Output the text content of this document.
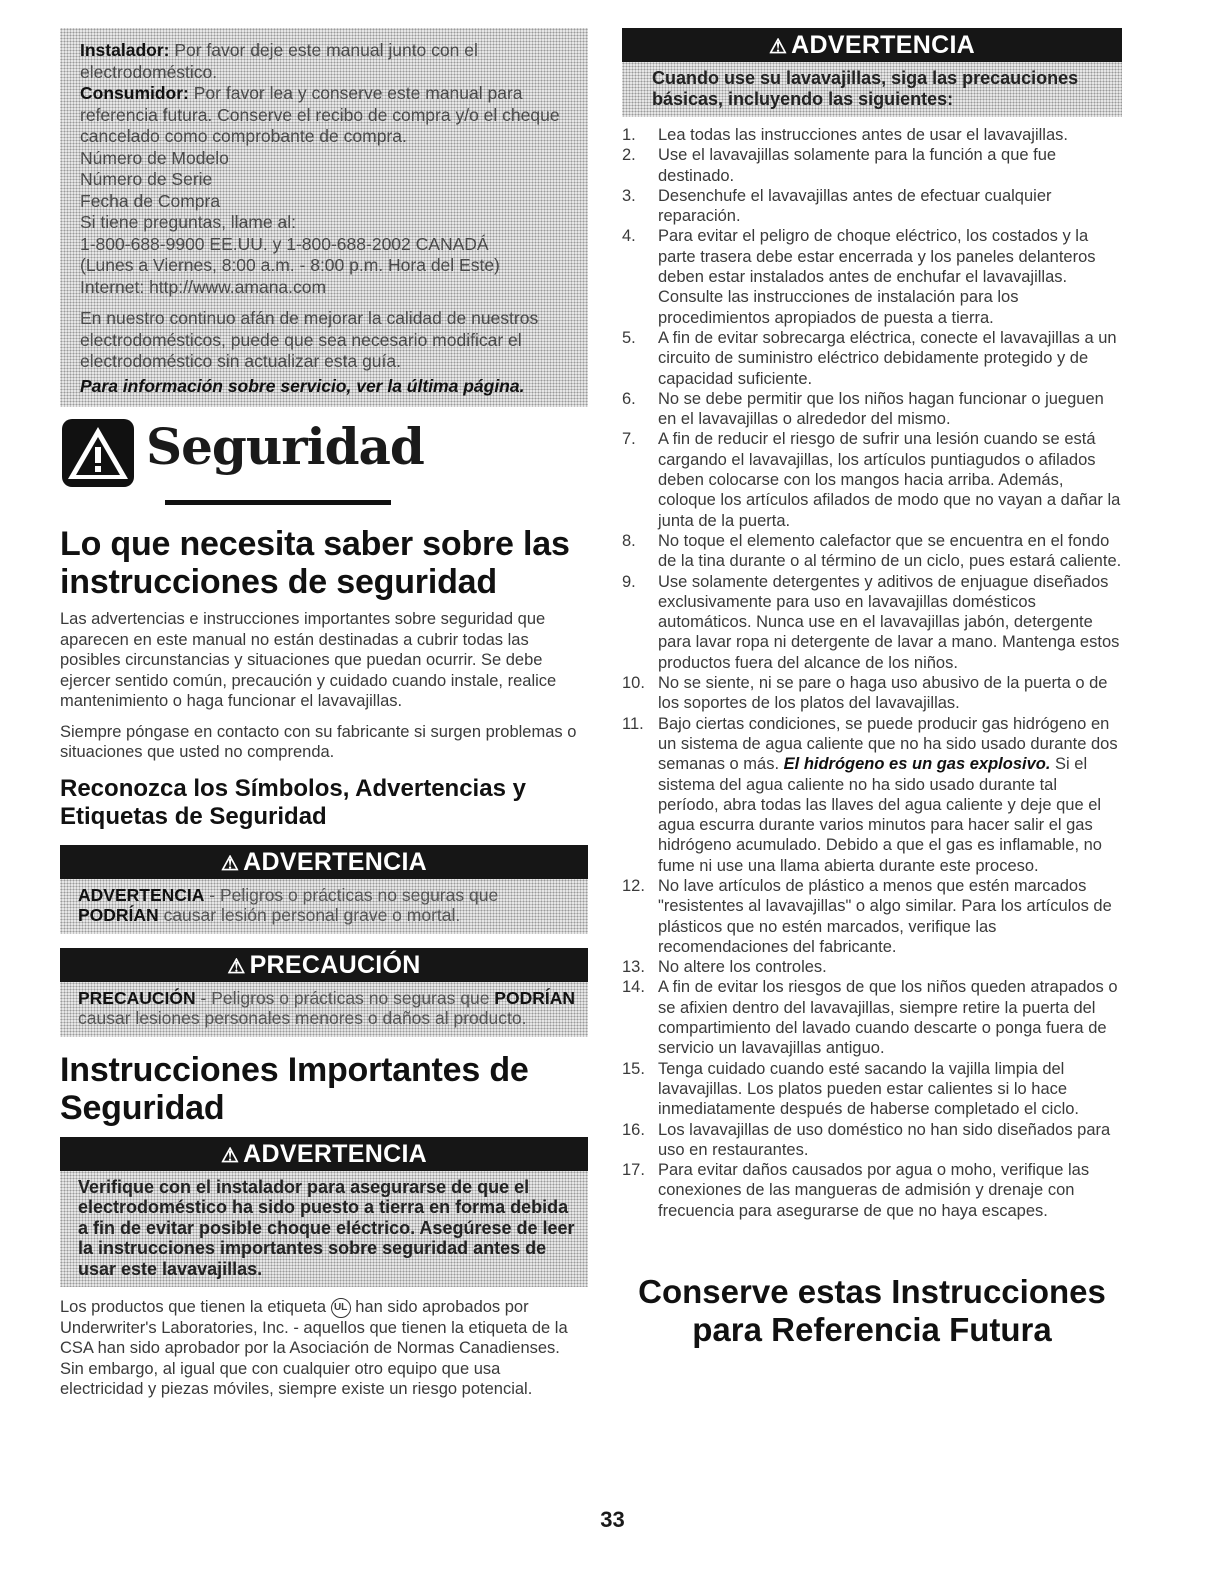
Instalador: Por favor deje este manual junto con el electrodoméstico.

Consumidor: Por favor lea y conserve este manual para referencia futura. Conserve el recibo de compra y/o el cheque cancelado como comprobante de compra.

Número de Modelo

Número de Serie

Fecha de Compra

Si tiene preguntas, llame al:

1-800-688-9900 EE.UU. y 1-800-688-2002 CANADÁ

(Lunes a Viernes, 8:00 a.m. - 8:00 p.m. Hora del Este)

Internet: http://www.amana.com

En nuestro continuo afán de mejorar la calidad de nuestros electrodomésticos, puede que sea necesario modificar el electrodoméstico sin actualizar esta guía.

Para información sobre servicio, ver la última página.

Seguridad
Lo que necesita saber sobre las instrucciones de seguridad

Las advertencias e instrucciones importantes sobre seguridad que aparecen en este manual no están destinadas a cubrir todas las posibles circunstancias y situaciones que puedan ocurrir. Se debe ejercer sentido común, precaución y cuidado cuando instale, realice mantenimiento o haga funcionar el lavavajillas.

Siempre póngase en contacto con su fabricante si surgen problemas o situaciones que usted no comprenda.

Reconozca los Símbolos, Advertencias y Etiquetas de Seguridad
⚠ ADVERTENCIA
ADVERTENCIA - Peligros o prácticas no seguras que PODRÍAN causar lesión personal grave o mortal.
⚠ PRECAUCIÓN
PRECAUCIÓN - Peligros o prácticas no seguras que PODRÍAN causar lesiones personales menores o daños al producto.
Instrucciones Importantes de Seguridad
⚠ ADVERTENCIA
Verifique con el instalador para asegurarse de que el electrodoméstico ha sido puesto a tierra en forma debida a fin de evitar posible choque eléctrico. Asegúrese de leer la instrucciones importantes sobre seguridad antes de usar este lavavajillas.

Los productos que tienen la etiqueta UL han sido aprobados por Underwriter's Laboratories, Inc. - aquellos que tienen la etiqueta de la CSA han sido aprobador por la Asociación de Normas Canadienses. Sin embargo, al igual que con cualquier otro equipo que usa electricidad y piezas móviles, siempre existe un riesgo potencial.

⚠ ADVERTENCIA
Cuando use su lavavajillas, siga las precauciones básicas, incluyendo las siguientes:
1.	Lea todas las instrucciones antes de usar el lavavajillas.
2.	Use el lavavajillas solamente para la función a que fue destinado.
3.	Desenchufe el lavavajillas antes de efectuar cualquier reparación.
4.	Para evitar el peligro de choque eléctrico, los costados y la parte trasera debe estar encerrada y los paneles delanteros deben estar instalados antes de enchufar el lavavajillas. Consulte las instrucciones de instalación para los procedimientos apropiados de puesta a tierra.
5.	A fin de evitar sobrecarga eléctrica, conecte el lavavajillas a un circuito de suministro eléctrico debidamente protegido y de capacidad suficiente.
6.	No se debe permitir que los niños hagan funcionar o jueguen en el lavavajillas o alrededor del mismo.
7.	A fin de reducir el riesgo de sufrir una lesión cuando se está cargando el lavavajillas, los artículos puntiagudos o afilados deben colocarse con los mangos hacia arriba. Además, coloque los artículos afilados de modo que no vayan a dañar la junta de la puerta.
8.	No toque el elemento calefactor que se encuentra en el fondo de la tina durante o al término de un ciclo, pues estará caliente.
9.	Use solamente detergentes y aditivos de enjuague diseñados exclusivamente para uso en lavavajillas domésticos automáticos. Nunca use en el lavavajillas jabón, detergente para lavar ropa ni detergente de lavar a mano. Mantenga estos productos fuera del alcance de los niños.
10. No se siente, ni se pare o haga uso abusivo de la puerta o de los soportes de los platos del lavavajillas.
11. Bajo ciertas condiciones, se puede producir gas hidrógeno en un sistema de agua caliente que no ha sido usado durante dos semanas o más. El hidrógeno es un gas explosivo. Si el sistema del agua caliente no ha sido usado durante tal período, abra todas las llaves del agua caliente y deje que el agua escurra durante varios minutos para hacer salir el gas hidrógeno acumulado. Debido a que el gas es inflamable, no fume ni use una llama abierta durante este proceso.
12. No lave artículos de plástico a menos que estén marcados "resistentes al lavavajillas" o algo similar. Para los artículos de plásticos que no estén marcados, verifique las recomendaciones del fabricante.
13. No altere los controles.
14. A fin de evitar los riesgos de que los niños queden atrapados o se afixien dentro del lavavajillas, siempre retire la puerta del compartimiento del lavado cuando descarte o ponga fuera de servicio un lavavajillas antiguo.
15. Tenga cuidado cuando esté sacando la vajilla limpia del lavavajillas. Los platos pueden estar calientes si lo hace inmediatamente después de haberse completado el ciclo.
16. Los lavavajillas de uso doméstico no han sido diseñados para uso en restaurantes.
17. Para evitar daños causados por agua o moho, verifique las conexiones de las mangueras de admisión y drenaje con frecuencia para asegurarse de que no haya escapes.
Conserve estas Instrucciones para Referencia Futura
33
